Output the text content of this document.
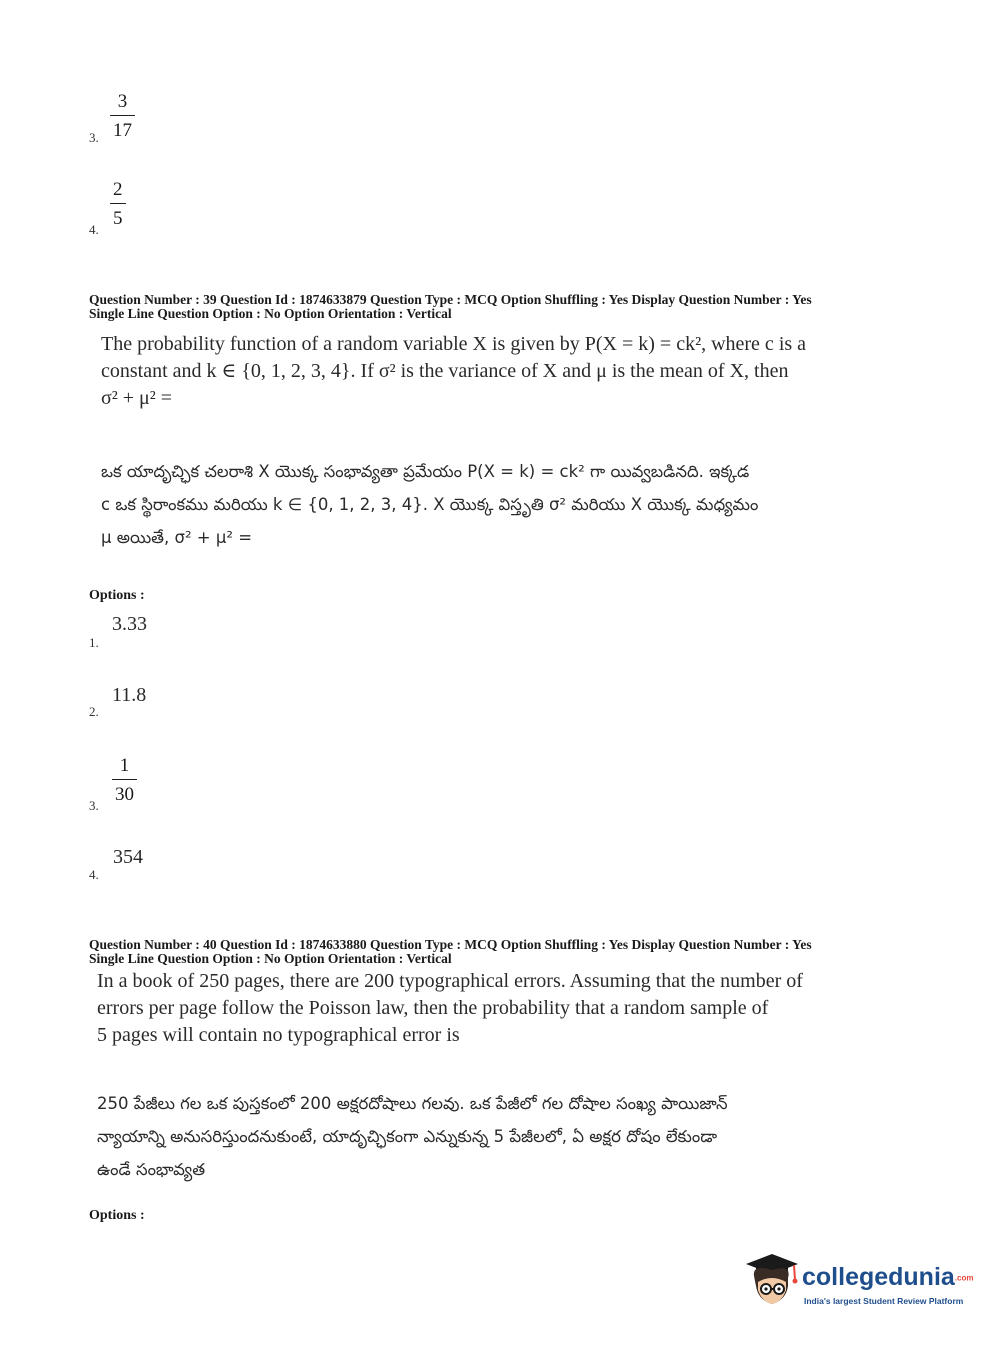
$\frac{3}{17}$
3.
$\frac{2}{5}$
4.
Question Number : 39 Question Id : 1874633879 Question Type : MCQ Option Shuffling : Yes Display Question Number : Yes
Single Line Question Option : No Option Orientation : Vertical
The probability function of a random variable X is given by P(X = k) = ck², where c is a
constant and k ∈ {0, 1, 2, 3, 4}. If σ² is the variance of X and μ is the mean of X, then
σ² + μ² =
ఒక యాదృచ్ఛిక చలరాశి X యొక్క సంభావ్యతా ప్రమేయం P(X = k) = ck² గా యివ్వబడినది. ఇక్కడ
c ఒక స్థిరాంకము మరియు k ∈ {0, 1, 2, 3, 4}. X యొక్క విస్తృతి σ² మరియు X యొక్క మధ్యమం
μ అయితే, σ² + μ² =
Options :
3.33
1.
11.8
2.
$\frac{1}{30}$
3.
354
4.
Question Number : 40 Question Id : 1874633880 Question Type : MCQ Option Shuffling : Yes Display Question Number : Yes
Single Line Question Option : No Option Orientation : Vertical
In a book of 250 pages, there are 200 typographical errors. Assuming that the number of
errors per page follow the Poisson law, then the probability that a random sample of
5 pages will contain no typographical error is
250 పేజీలు గల ఒక పుస్తకంలో 200 అక్షరదోషాలు గలవు. ఒక పేజీలో గల దోషాల సంఖ్య పాయిజాన్
న్యాయాన్ని అనుసరిస్తుందనుకుంటే, యాదృచ్ఛికంగా ఎన్నుకున్న 5 పేజీలలో, ఏ అక్షర దోషం లేకుండా
ఉండే సంభావ్యత
Options :
collegedunia.com
India's largest Student Review Platform
